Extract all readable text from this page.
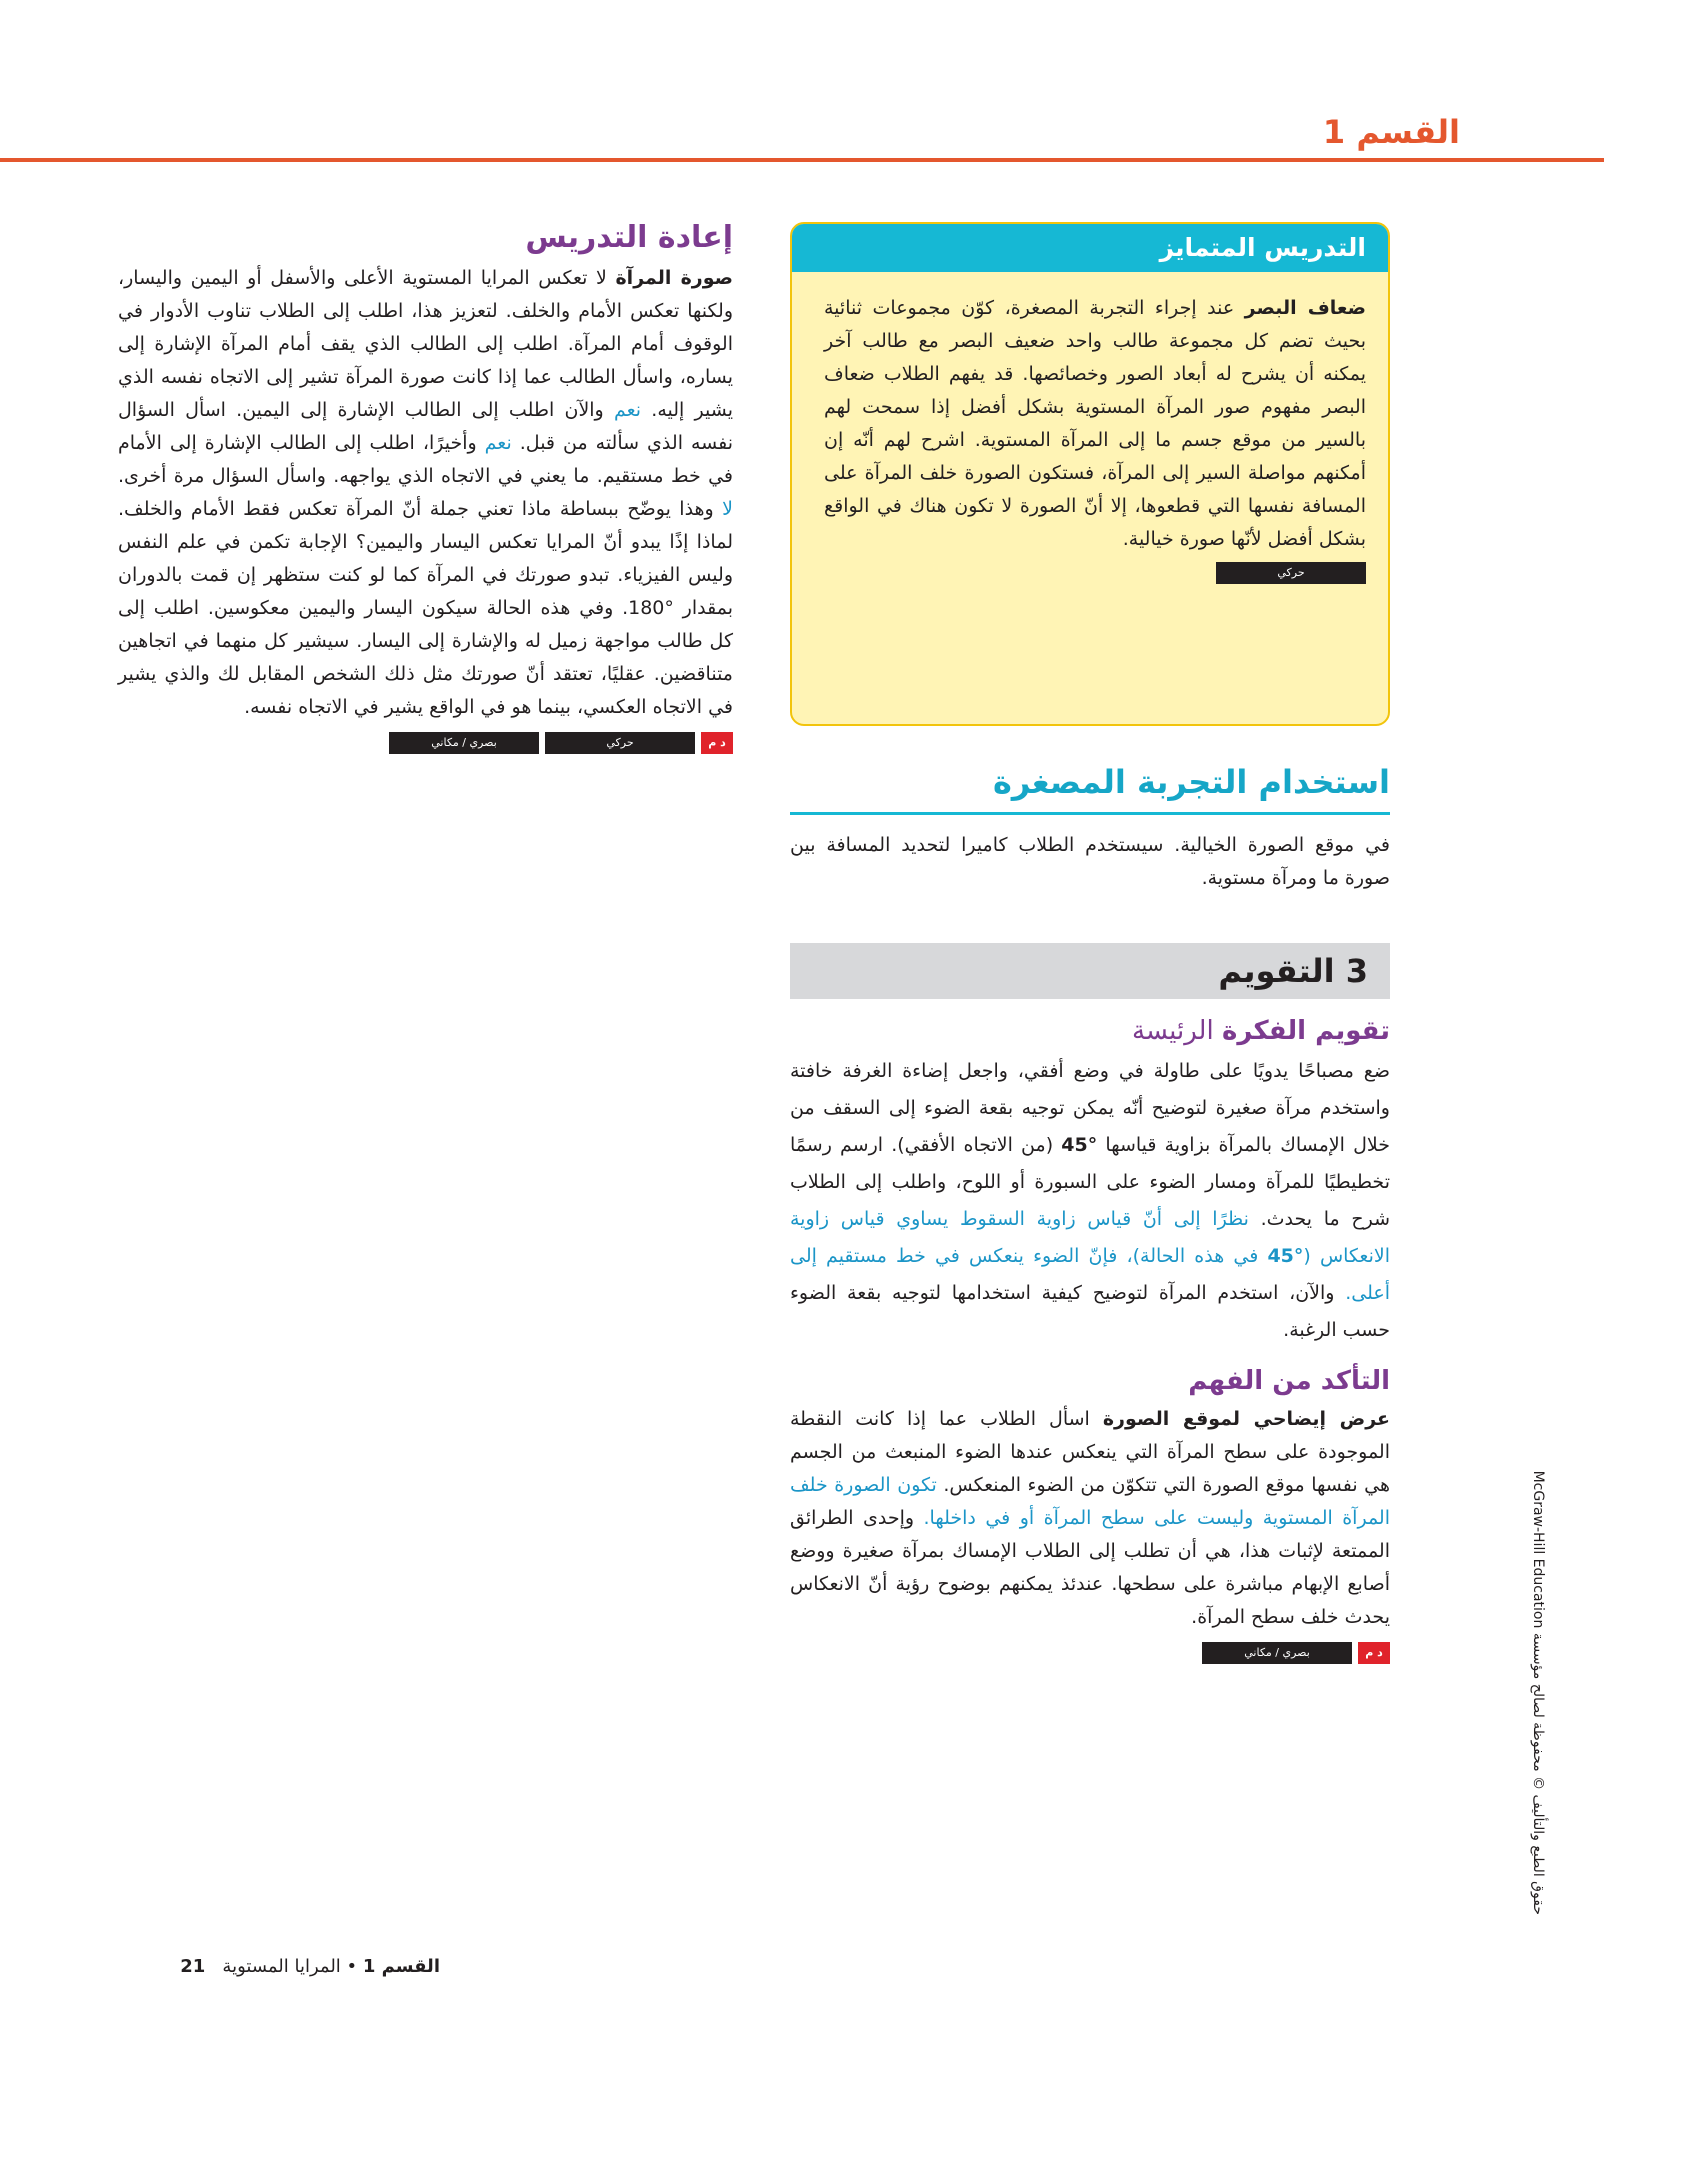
القسم 1
إعادة التدريس

صورة المرآة لا تعكس المرايا المستوية الأعلى والأسفل أو اليمين واليسار، ولكنها تعكس الأمام والخلف. لتعزيز هذا، اطلب إلى الطلاب تناوب الأدوار في الوقوف أمام المرآة. اطلب إلى الطالب الذي يقف أمام المرآة الإشارة إلى يساره، واسأل الطالب عما إذا كانت صورة المرآة تشير إلى الاتجاه نفسه الذي يشير إليه. نعم والآن اطلب إلى الطالب الإشارة إلى اليمين. اسأل السؤال نفسه الذي سألته من قبل. نعم وأخيرًا، اطلب إلى الطالب الإشارة إلى الأمام في خط مستقيم. ما يعني في الاتجاه الذي يواجهه. واسأل السؤال مرة أخرى. لا وهذا يوضّح ببساطة ماذا تعني جملة أنّ المرآة تعكس فقط الأمام والخلف. لماذا إذًا يبدو أنّ المرايا تعكس اليسار واليمين؟ الإجابة تكمن في علم النفس وليس الفيزياء. تبدو صورتك في المرآة كما لو كنت ستظهر إن قمت بالدوران بمقدار °180. وفي هذه الحالة سيكون اليسار واليمين معكوسين. اطلب إلى كل طالب مواجهة زميل له والإشارة إلى اليسار. سيشير كل منهما في اتجاهين متناقضين. عقليًا، تعتقد أنّ صورتك مثل ذلك الشخص المقابل لك والذي يشير في الاتجاه العكسي، بينما هو في الواقع يشير في الاتجاه نفسه.

د م
حركي
بصري / مكاني
التدريس المتمايز
ضعاف البصر عند إجراء التجربة المصغرة، كوّن مجموعات ثنائية بحيث تضم كل مجموعة طالب واحد ضعيف البصر مع طالب آخر يمكنه أن يشرح له أبعاد الصور وخصائصها. قد يفهم الطلاب ضعاف البصر مفهوم صور المرآة المستوية بشكل أفضل إذا سمحت لهم بالسير من موقع جسم ما إلى المرآة المستوية. اشرح لهم أنّه إن أمكنهم مواصلة السير إلى المرآة، فستكون الصورة خلف المرآة على المسافة نفسها التي قطعوها، إلا أنّ الصورة لا تكون هناك في الواقع بشكل أفضل لأنّها صورة خيالية.
حركي
استخدام التجربة المصغرة

في موقع الصورة الخيالية. سيستخدم الطلاب كاميرا لتحديد المسافة بين صورة ما ومرآة مستوية.

3 التقويم
تقويم الفكرة الرئيسة

ضع مصباحًا يدويًا على طاولة في وضع أفقي، واجعل إضاءة الغرفة خافتة واستخدم مرآة صغيرة لتوضيح أنّه يمكن توجيه بقعة الضوء إلى السقف من خلال الإمساك بالمرآة بزاوية قياسها °45 (من الاتجاه الأفقي). ارسم رسمًا تخطيطيًا للمرآة ومسار الضوء على السبورة أو اللوح، واطلب إلى الطلاب شرح ما يحدث. نظرًا إلى أنّ قياس زاوية السقوط يساوي قياس زاوية الانعكاس (°45 في هذه الحالة)، فإنّ الضوء ينعكس في خط مستقيم إلى أعلى. والآن، استخدم المرآة لتوضيح كيفية استخدامها لتوجيه بقعة الضوء حسب الرغبة.

التأكد من الفهم

عرض إيضاحي لموقع الصورة اسأل الطلاب عما إذا كانت النقطة الموجودة على سطح المرآة التي ينعكس عندها الضوء المنبعث من الجسم هي نفسها موقع الصورة التي تتكوّن من الضوء المنعكس. تكون الصورة خلف المرآة المستوية وليست على سطح المرآة أو في داخلها. وإحدى الطرائق الممتعة لإثبات هذا، هي أن تطلب إلى الطلاب الإمساك بمرآة صغيرة ووضع أصابع الإبهام مباشرة على سطحها. عندئذ يمكنهم بوضوح رؤية أنّ الانعكاس يحدث خلف سطح المرآة.

د م
بصري / مكاني
القسم 1 • المرايا المستوية   21
حقوق الطبع والتأليف © محفوظة لصالح مؤسسة McGraw-Hill Education
